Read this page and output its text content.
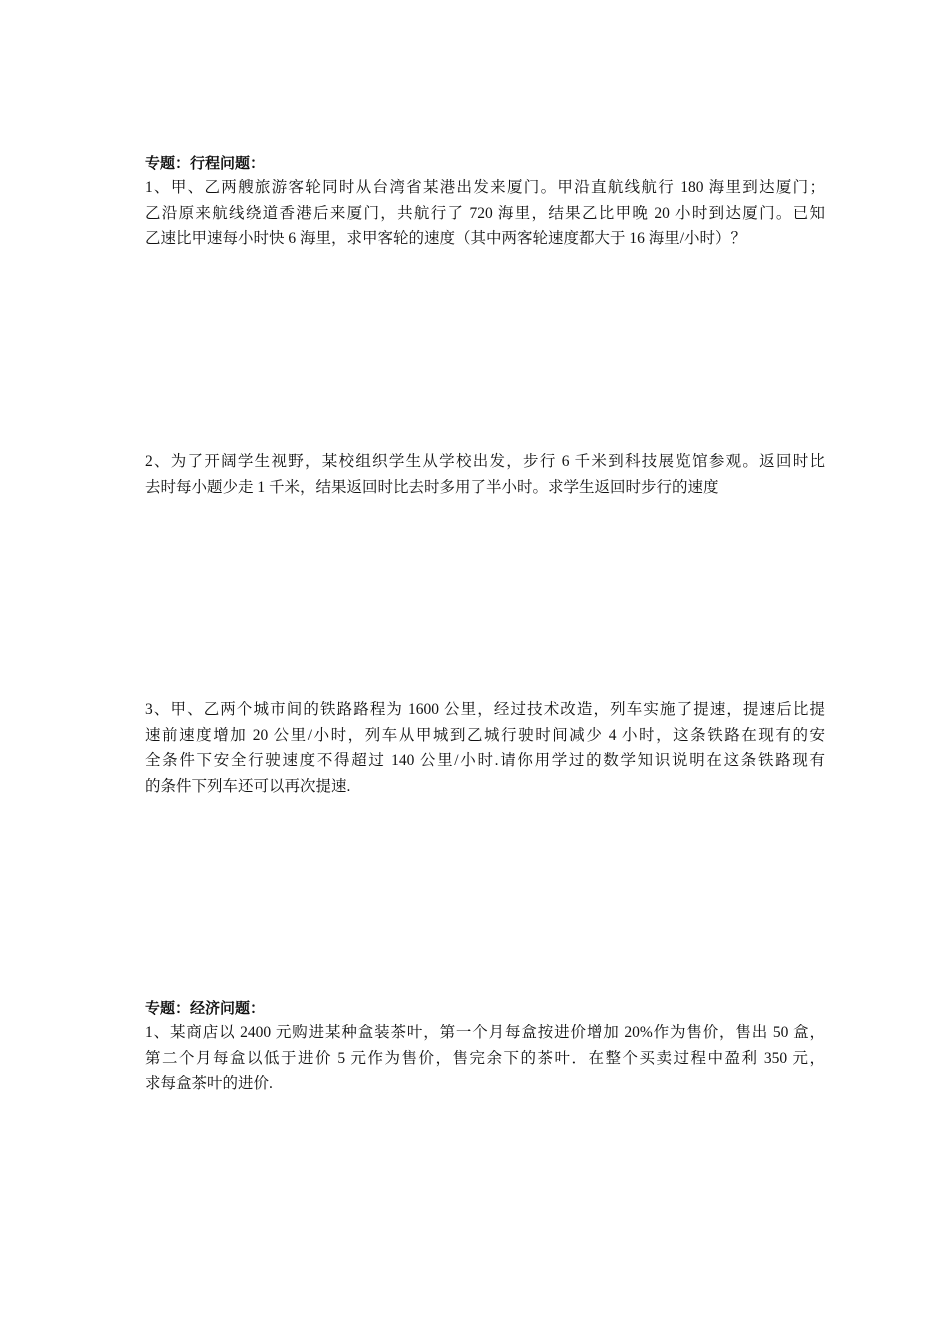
专题：行程问题：

1、甲、乙两艘旅游客轮同时从台湾省某港出发来厦门。甲沿直航线航行 180 海里到达厦门；
乙沿原来航线绕道香港后来厦门，共航行了 720 海里，结果乙比甲晚 20 小时到达厦门。已知
乙速比甲速每小时快 6 海里，求甲客轮的速度（其中两客轮速度都大于 16 海里/小时）？

2、为了开阔学生视野，某校组织学生从学校出发，步行 6 千米到科技展览馆参观。返回时比
去时每小题少走 1 千米，结果返回时比去时多用了半小时。求学生返回时步行的速度

3、甲、乙两个城市间的铁路路程为 1600 公里，经过技术改造，列车实施了提速，提速后比提
速前速度增加 20 公里/小时，列车从甲城到乙城行驶时间减少 4 小时，这条铁路在现有的安
全条件下安全行驶速度不得超过 140 公里/小时.请你用学过的数学知识说明在这条铁路现有
的条件下列车还可以再次提速.

专题：经济问题：

1、某商店以 2400 元购进某种盒装茶叶，第一个月每盒按进价增加 20%作为售价，售出 50 盒，
第二个月每盒以低于进价 5 元作为售价，售完余下的茶叶．在整个买卖过程中盈利 350 元，
求每盒茶叶的进价.
